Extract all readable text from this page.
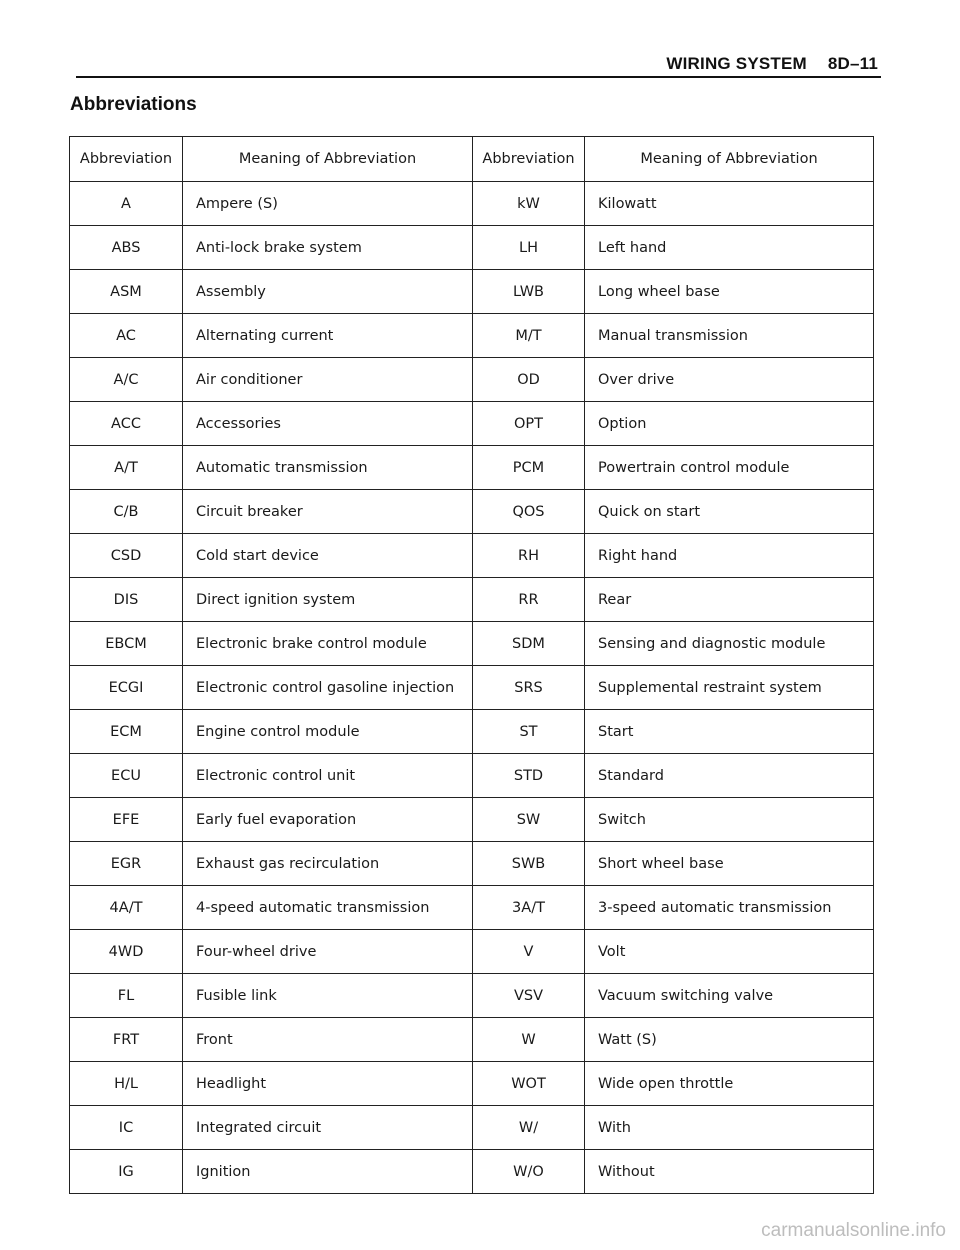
WIRING SYSTEM 8D–11
Abbreviations
Abbreviation	Meaning of Abbreviation	Abbreviation	Meaning of Abbreviation
A	Ampere (S)	kW	Kilowatt
ABS	Anti-lock brake system	LH	Left hand
ASM	Assembly	LWB	Long wheel base
AC	Alternating current	M/T	Manual transmission
A/C	Air conditioner	OD	Over drive
ACC	Accessories	OPT	Option
A/T	Automatic transmission	PCM	Powertrain control module
C/B	Circuit breaker	QOS	Quick on start
CSD	Cold start device	RH	Right hand
DIS	Direct ignition system	RR	Rear
EBCM	Electronic brake control module	SDM	Sensing and diagnostic module
ECGI	Electronic control gasoline injection	SRS	Supplemental restraint system
ECM	Engine control module	ST	Start
ECU	Electronic control unit	STD	Standard
EFE	Early fuel evaporation	SW	Switch
EGR	Exhaust gas recirculation	SWB	Short wheel base
4A/T	4-speed automatic transmission	3A/T	3-speed automatic transmission
4WD	Four-wheel drive	V	Volt
FL	Fusible link	VSV	Vacuum switching valve
FRT	Front	W	Watt (S)
H/L	Headlight	WOT	Wide open throttle
IC	Integrated circuit	W/	With
IG	Ignition	W/O	Without
carmanualsonline.info
